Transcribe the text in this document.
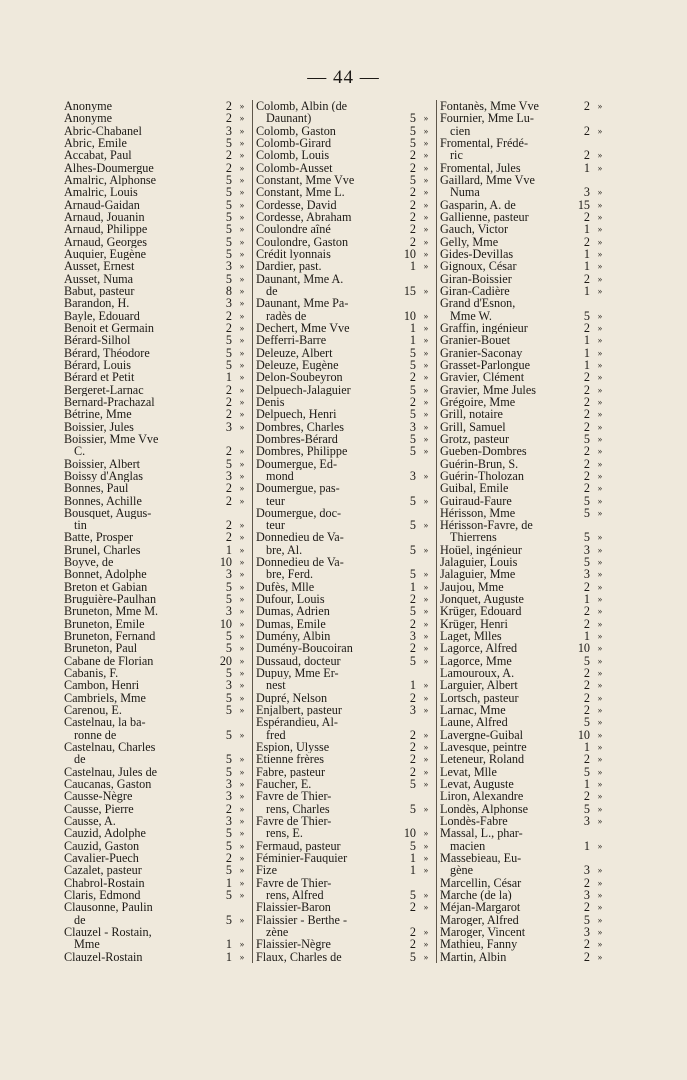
— 44 —
Anonyme	2 »
Anonyme	2 »
Abric-Chabanel	3 »
Abric, Emile	5 »
Accabat, Paul	2 »
Alhes-Doumergue	2 »
Amalric, Alphonse	5 »
Amalric, Louis	5 »
Arnaud-Gaidan	5 »
Arnaud, Jouanin	5 »
Arnaud, Philippe	5 »
Arnaud, Georges	5 »
Auquier, Eugène	5 »
Ausset, Ernest	3 »
Ausset, Numa	5 »
Babut, pasteur	8 »
Barandon, H.	3 »
Bayle, Edouard	2 »
Benoit et Germain	2 »
Bérard-Silhol	5 »
Bérard, Théodore	5 »
Bérard, Louis	5 »
Bérard et Petit	1 »
Bergeret-Larnac	2 »
Bernard-Prachazal	2 »
Bétrine, Mme	2 »
Boissier, Jules	3 »
Boissier, Mme Vve
C.	2 »
Boissier, Albert	5 »
Boissy d'Anglas	3 »
Bonnes, Paul	2 »
Bonnes, Achille	2 »
Bousquet, Augus-
tin	2 »
Batte, Prosper	2 »
Brunel, Charles	1 »
Boyve, de	10 »
Bonnet, Adolphe	3 »
Breton et Gabian	5 »
Bruguière-Paulhan	5 »
Bruneton, Mme M.	3 »
Bruneton, Emile	10 »
Bruneton, Fernand	5 »
Bruneton, Paul	5 »
Cabane de Florian	20 »
Cabanis, F.	5 »
Cambon, Henri	3 »
Cambriels, Mme	5 »
Carenou, E.	5 »
Castelnau, la ba-
ronne de	5 »
Castelnau, Charles
de	5 »
Castelnau, Jules de	5 »
Caucanas, Gaston	3 »
Causse-Nègre	3 »
Causse, Pierre	2 »
Causse, A.	3 »
Cauzid, Adolphe	5 »
Cauzid, Gaston	5 »
Cavalier-Puech	2 »
Cazalet, pasteur	5 »
Chabrol-Rostain	1 »
Claris, Edmond	5 »
Clausonne, Paulin
de	5 »
Clauzel - Rostain,
Mme	1 »
Clauzel-Rostain	1 »
Colomb, Albin (de
Daunant)	5 »
Colomb, Gaston	5 »
Colomb-Girard	5 »
Colomb, Louis	2 »
Colomb-Ausset	2 »
Constant, Mme Vve	5 »
Constant, Mme L.	2 »
Cordesse, David	2 »
Cordesse, Abraham	2 »
Coulondre aîné	2 »
Coulondre, Gaston	2 »
Crédit lyonnais	10 »
Dardier, past.	1 »
Daunant, Mme A.
de	15 »
Daunant, Mme Pa-
radès de	10 »
Dechert, Mme Vve	1 »
Defferri-Barre	1 »
Deleuze, Albert	5 »
Deleuze, Eugène	5 »
Delon-Soubeyron	2 »
Delpuech-Jalaguier	5 »
Denis	2 »
Delpuech, Henri	5 »
Dombres, Charles	3 »
Dombres-Bérard	5 »
Dombres, Philippe	5 »
Doumergue, Ed-
mond	3 »
Doumergue, pas-
teur	5 »
Doumergue, doc-
teur	5 »
Donnedieu de Va-
bre, Al.	5 »
Donnedieu de Va-
bre, Ferd.	5 »
Dufès, Mlle	1 »
Dufour, Louis	2 »
Dumas, Adrien	5 »
Dumas, Emile	2 »
Dumény, Albin	3 »
Dumény-Boucoiran	2 »
Dussaud, docteur	5 »
Dupuy, Mme Er-
nest	1 »
Dupré, Nelson	2 »
Enjalbert, pasteur	3 »
Espérandieu, Al-
fred	2 »
Espion, Ulysse	2 »
Etienne frères	2 »
Fabre, pasteur	2 »
Faucher, E.	5 »
Favre de Thier-
rens, Charles	5 »
Favre de Thier-
rens, E.	10 »
Fermaud, pasteur	5 »
Féminier-Fauquier	1 »
Fize	1 »
Favre de Thier-
rens, Alfred	5 »
Flaissier-Baron	2 »
Flaissier - Berthe -
zène	2 »
Flaissier-Nègre	2 »
Flaux, Charles de	5 »
Fontanès, Mme Vve	2 »
Fournier, Mme Lu-
cien	2 »
Fromental, Frédé-
ric	2 »
Fromental, Jules	1 »
Gaillard, Mme Vve
Numa	3 »
Gasparin, A. de	15 »
Gallienne, pasteur	2 »
Gauch, Victor	1 »
Gelly, Mme	2 »
Gides-Devillas	1 »
Gignoux, César	1 »
Giran-Boissier	2 »
Giran-Cadière	1 »
Grand d'Esnon,
Mme W.	5 »
Graffin, ingénieur	2 »
Granier-Bouet	1 »
Granier-Saconay	1 »
Grasset-Parlongue	1 »
Gravier, Clément	2 »
Gravier, Mme Jules	2 »
Grégoire, Mme	2 »
Grill, notaire	2 »
Grill, Samuel	2 »
Grotz, pasteur	5 »
Gueben-Dombres	2 »
Guérin-Brun, S.	2 »
Guérin-Tholozan	2 »
Guibal, Emile	2 »
Guiraud-Faure	5 »
Hérisson, Mme	5 »
Hérisson-Favre, de
Thierrens	5 »
Hoüel, ingénieur	3 »
Jalaguier, Louis	5 »
Jalaguier, Mme	3 »
Jaujou, Mme	2 »
Jonquet, Auguste	1 »
Krüger, Edouard	2 »
Krüger, Henri	2 »
Laget, Mlles	1 »
Lagorce, Alfred	10 »
Lagorce, Mme	5 »
Lamouroux, A.	2 »
Larguier, Albert	2 »
Lortsch, pasteur	2 »
Larnac, Mme	2 »
Laune, Alfred	5 »
Lavergne-Guibal	10 »
Lavesque, peintre	1 »
Leteneur, Roland	2 »
Levat, Mlle	5 »
Levat, Auguste	1 »
Liron, Alexandre	2 »
Londès, Alphonse	5 »
Londès-Fabre	3 »
Massal, L., phar-
macien	1 »
Massebieau, Eu-
gène	3 »
Marcellin, César	2 »
Marche (de la)	3 »
Méjan-Margarot	2 »
Maroger, Alfred	5 »
Maroger, Vincent	3 »
Mathieu, Fanny	2 »
Martin, Albin	2 »
